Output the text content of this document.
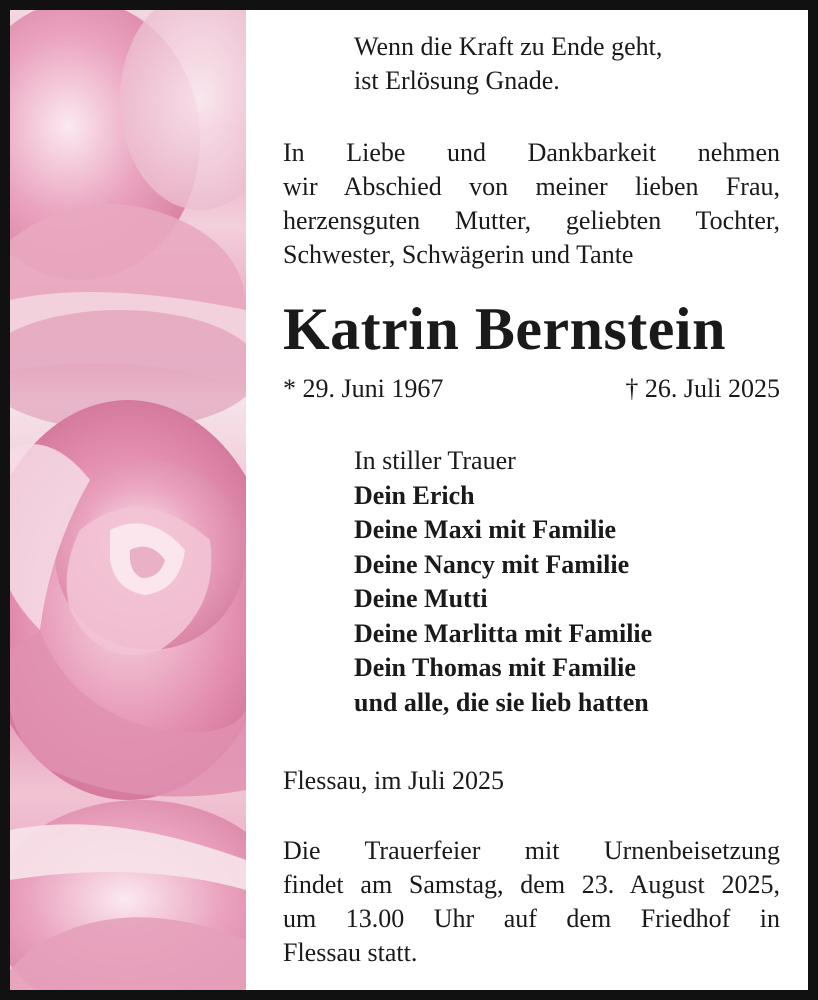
Wenn die Kraft zu Ende geht,
ist Erlösung Gnade.
In Liebe und Dankbarkeit nehmen
wir Abschied von meiner lieben Frau,
herzensguten Mutter, geliebten Tochter,
Schwester, Schwägerin und Tante
Katrin Bernstein
* 29. Juni 1967	† 26. Juli 2025
In stiller Trauer
Dein Erich
Deine Maxi mit Familie
Deine Nancy mit Familie
Deine Mutti
Deine Marlitta mit Familie
Dein Thomas mit Familie
und alle, die sie lieb hatten
Flessau, im Juli 2025
Die Trauerfeier mit Urnenbeisetzung
findet am Samstag, dem 23. August 2025,
um 13.00 Uhr auf dem Friedhof in
Flessau statt.
